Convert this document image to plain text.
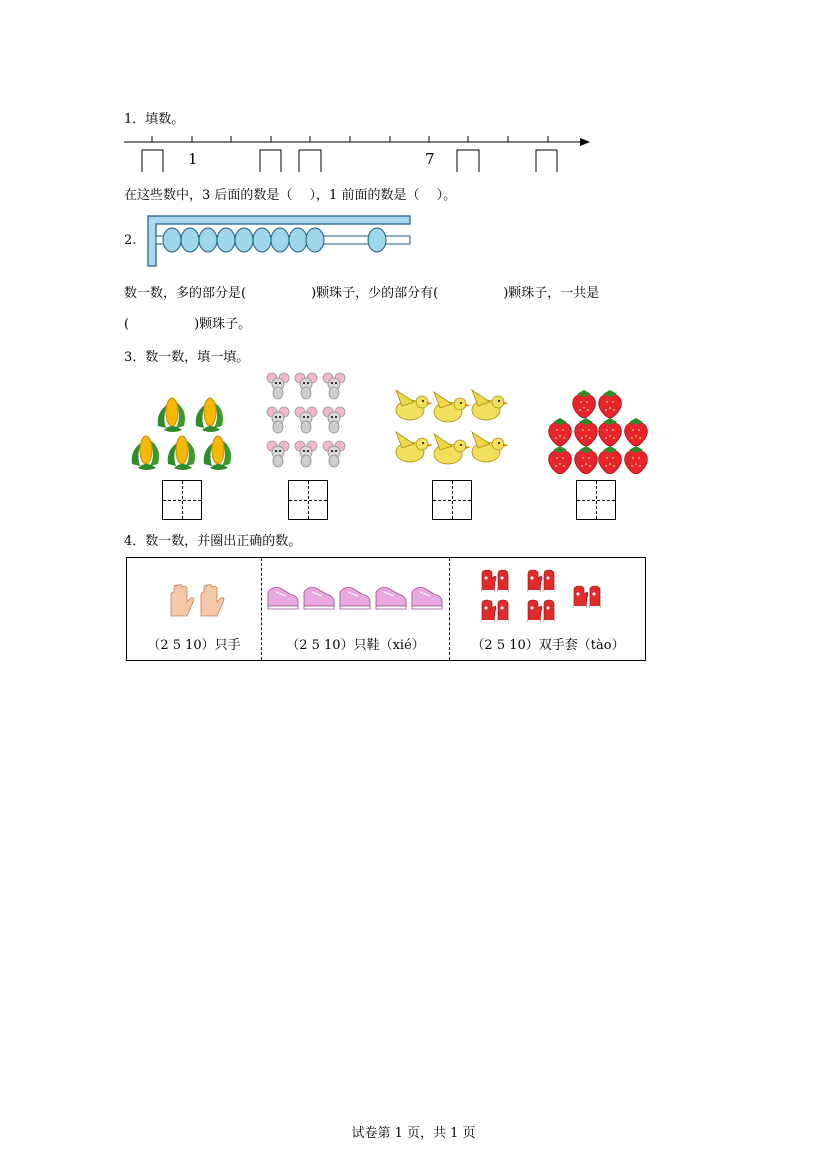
1．填数。
1	7
在这些数中，3 后面的数是（　 ），1 前面的数是（　 ）。
2.
数一数，多的部分是(　　　　　)颗珠子，少的部分有(　　　　　)颗珠子，一共是
(　　　　　)颗珠子。
3．数一数，填一填。
4．数一数，并圈出正确的数。
（2 5 10）只手	（2 5 10）只鞋（xié）	（2 5 10）双手套（tào）
试卷第 1 页，共 1 页
